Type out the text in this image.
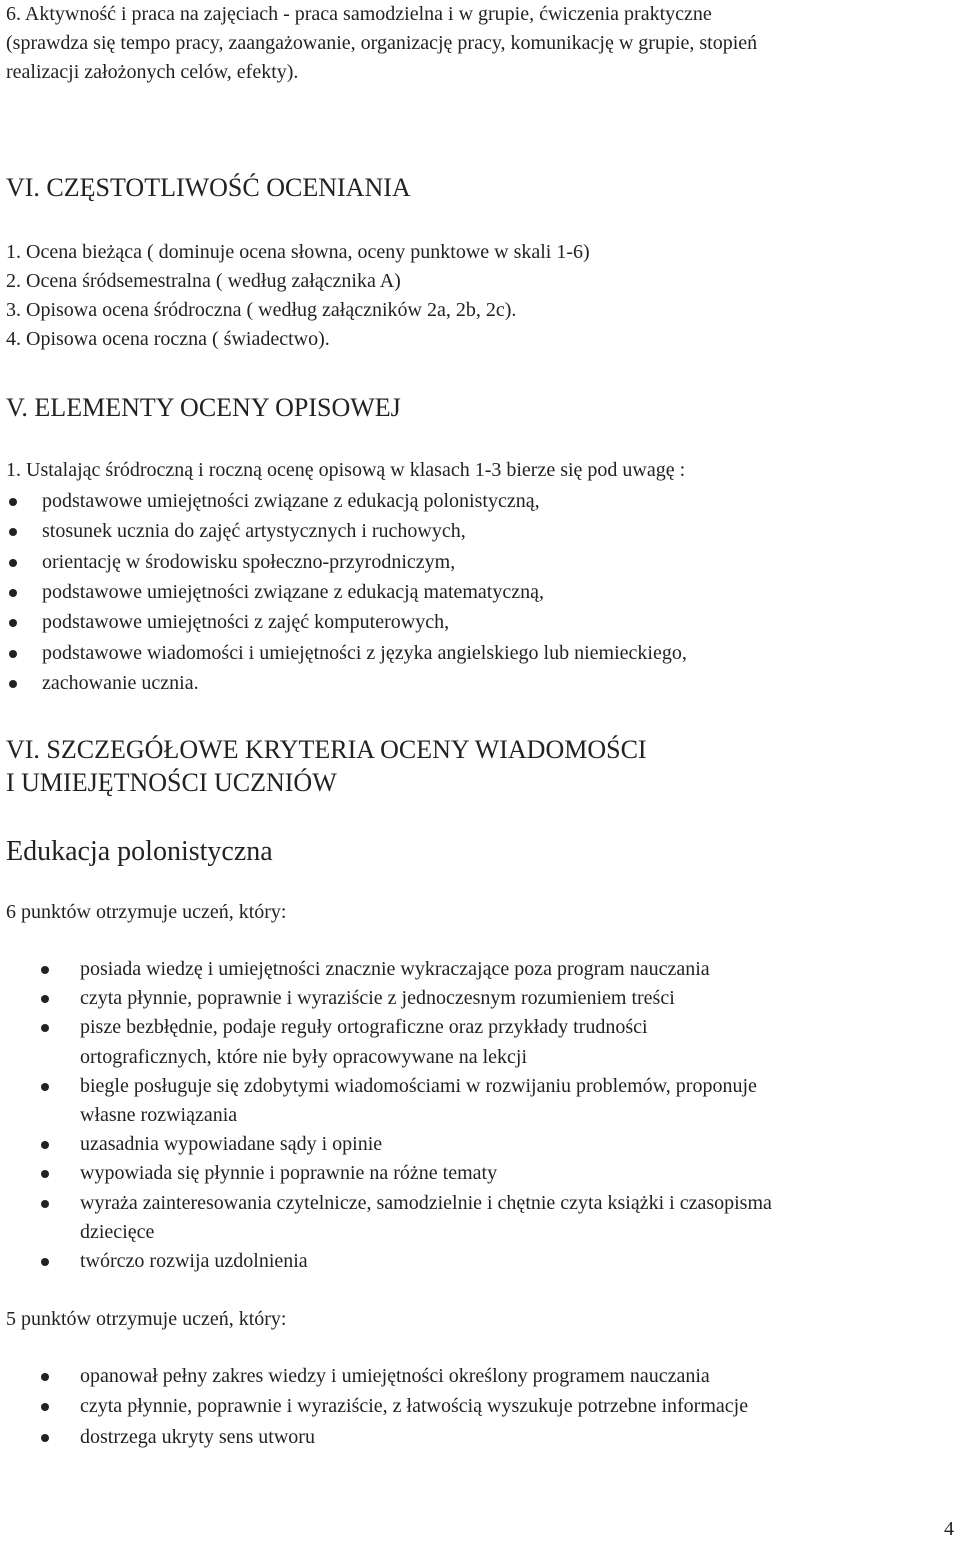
6. Aktywność i praca na zajęciach - praca samodzielna i w grupie, ćwiczenia praktyczne

(sprawdza się tempo pracy, zaangażowanie, organizację pracy, komunikację w grupie, stopień

realizacji założonych celów, efekty).

VI. CZĘSTOTLIWOŚĆ OCENIANIA

1. Ocena bieżąca ( dominuje ocena słowna, oceny punktowe w skali 1-6)

2. Ocena śródsemestralna ( według załącznika A)

3. Opisowa ocena śródroczna ( według załączników 2a, 2b, 2c).

4. Opisowa ocena roczna ( świadectwo).

V. ELEMENTY OCENY OPISOWEJ

1. Ustalając śródroczną i roczną ocenę opisową w klasach 1-3 bierze się pod uwagę :

podstawowe umiejętności związane z edukacją polonistyczną,

stosunek ucznia do zajęć artystycznych i ruchowych,

orientację w środowisku społeczno-przyrodniczym,

podstawowe umiejętności związane z edukacją matematyczną,

podstawowe umiejętności z zajęć komputerowych,

podstawowe wiadomości i umiejętności z języka angielskiego lub niemieckiego,

zachowanie ucznia.

VI. SZCZEGÓŁOWE KRYTERIA OCENY WIADOMOŚCI
I UMIEJĘTNOŚCI UCZNIÓW
Edukacja polonistyczna

6 punktów otrzymuje uczeń, który:

posiada wiedzę i umiejętności znacznie wykraczające poza program nauczania

czyta płynnie, poprawnie i wyraziście z jednoczesnym rozumieniem treści

pisze bezbłędnie, podaje reguły ortograficzne oraz przykłady trudności

ortograficznych, które nie były opracowywane na lekcji

biegle posługuje się zdobytymi wiadomościami w rozwijaniu problemów, proponuje

własne rozwiązania

uzasadnia wypowiadane sądy i opinie

wypowiada się płynnie i poprawnie na różne tematy

wyraża zainteresowania czytelnicze, samodzielnie i chętnie czyta książki i czasopisma

dziecięce

twórczo rozwija uzdolnienia

5 punktów otrzymuje uczeń, który:

opanował pełny zakres wiedzy i umiejętności określony programem nauczania

czyta płynnie, poprawnie i wyraziście, z łatwością wyszukuje potrzebne informacje

dostrzega ukryty sens utworu

4
